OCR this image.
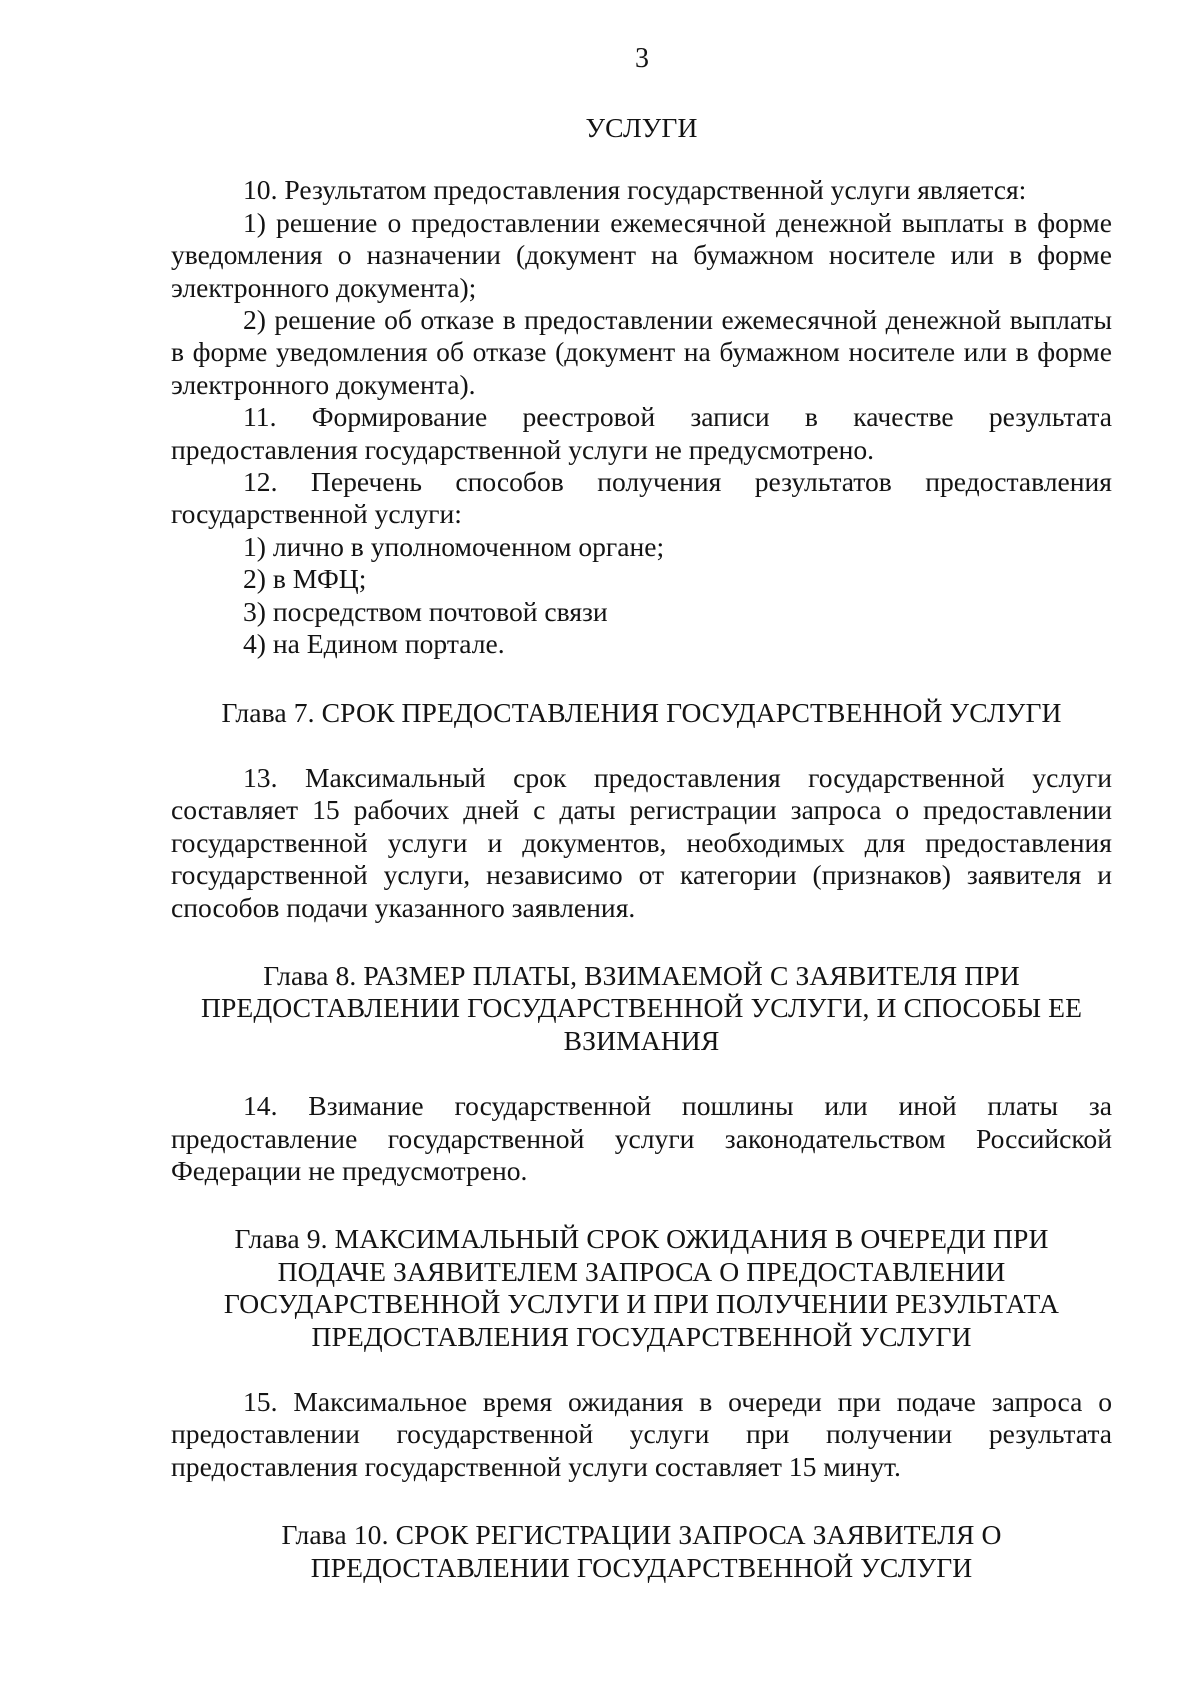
3
УСЛУГИ

10. Результатом предоставления государственной услуги является:

1) решение о предоставлении ежемесячной денежной выплаты в форме уведомления о назначении (документ на бумажном носителе или в форме электронного документа);

2) решение об отказе в предоставлении ежемесячной денежной выплаты в форме уведомления об отказе (документ на бумажном носителе или в форме электронного документа).

11. Формирование реестровой записи в качестве результата предоставления государственной услуги не предусмотрено.

12. Перечень способов получения результатов предоставления государственной услуги:

1) лично в уполномоченном органе;

2) в МФЦ;

3) посредством почтовой связи

4) на Едином портале.

Глава 7. СРОК ПРЕДОСТАВЛЕНИЯ ГОСУДАРСТВЕННОЙ УСЛУГИ

13. Максимальный срок предоставления государственной услуги составляет 15 рабочих дней с даты регистрации запроса о предоставлении государственной услуги и документов, необходимых для предоставления государственной услуги, независимо от категории (признаков) заявителя и способов подачи указанного заявления.

Глава 8. РАЗМЕР ПЛАТЫ, ВЗИМАЕМОЙ С ЗАЯВИТЕЛЯ ПРИ
ПРЕДОСТАВЛЕНИИ ГОСУДАРСТВЕННОЙ УСЛУГИ, И СПОСОБЫ ЕЕ
ВЗИМАНИЯ

14. Взимание государственной пошлины или иной платы за предоставление государственной услуги законодательством Российской Федерации не предусмотрено.

Глава 9. МАКСИМАЛЬНЫЙ СРОК ОЖИДАНИЯ В ОЧЕРЕДИ ПРИ
ПОДАЧЕ ЗАЯВИТЕЛЕМ ЗАПРОСА О ПРЕДОСТАВЛЕНИИ
ГОСУДАРСТВЕННОЙ УСЛУГИ И ПРИ ПОЛУЧЕНИИ РЕЗУЛЬТАТА
ПРЕДОСТАВЛЕНИЯ ГОСУДАРСТВЕННОЙ УСЛУГИ

15. Максимальное время ожидания в очереди при подаче запроса о предоставлении государственной услуги при получении результата предоставления государственной услуги составляет 15 минут.

Глава 10. СРОК РЕГИСТРАЦИИ ЗАПРОСА ЗАЯВИТЕЛЯ О
ПРЕДОСТАВЛЕНИИ ГОСУДАРСТВЕННОЙ УСЛУГИ
